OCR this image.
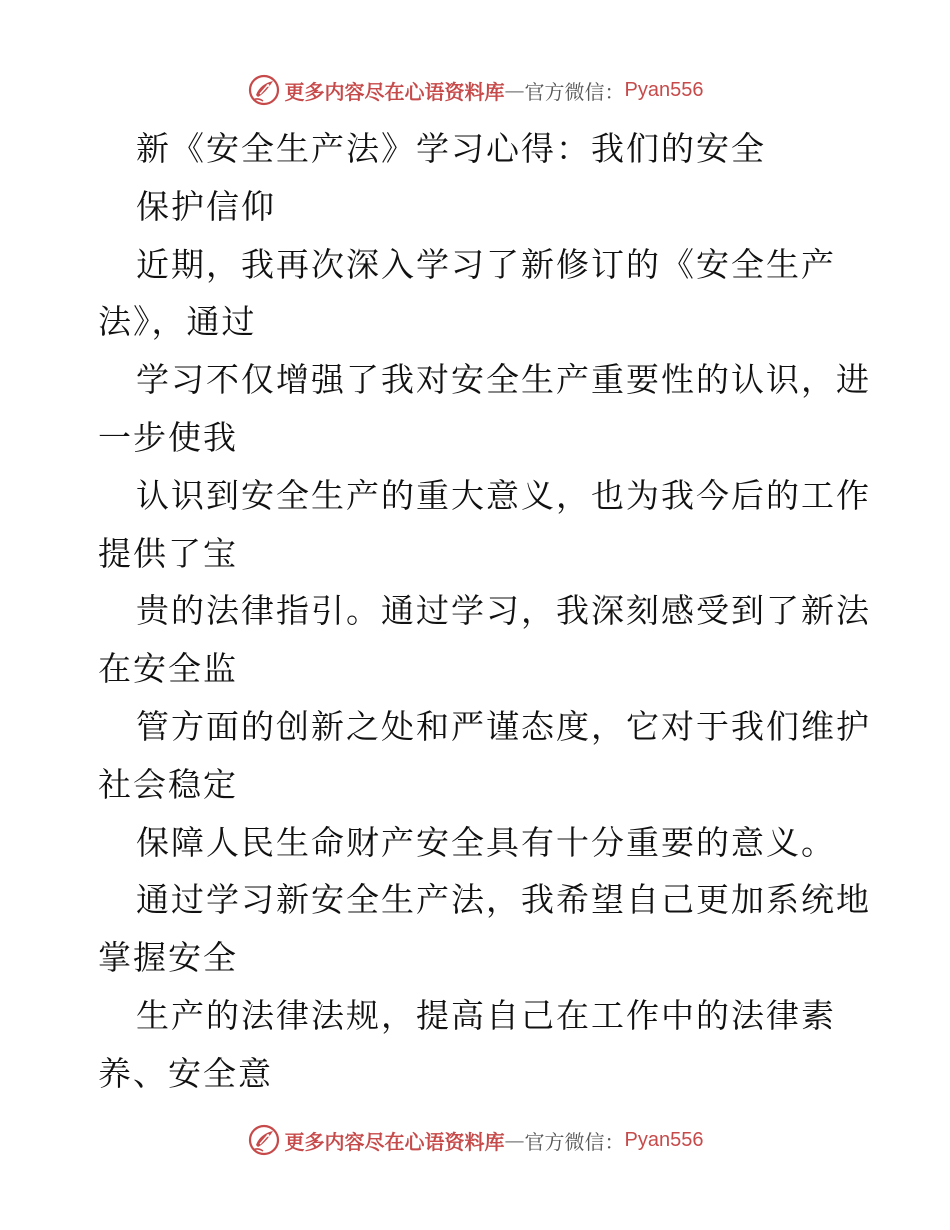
更多内容尽在心语资料库 — 官方微信： Pyan556
新《安全生产法》学习心得：我们的安全
保护信仰
近期，我再次深入学习了新修订的《安全生产
法》，通过
学习不仅增强了我对安全生产重要性的认识，进
一步使我
认识到安全生产的重大意义，也为我今后的工作
提供了宝
贵的法律指引。通过学习，我深刻感受到了新法
在安全监
管方面的创新之处和严谨态度，它对于我们维护
社会稳定
保障人民生命财产安全具有十分重要的意义。
通过学习新安全生产法，我希望自己更加系统地
掌握安全
生产的法律法规，提高自己在工作中的法律素
养、安全意
更多内容尽在心语资料库 — 官方微信： Pyan556
